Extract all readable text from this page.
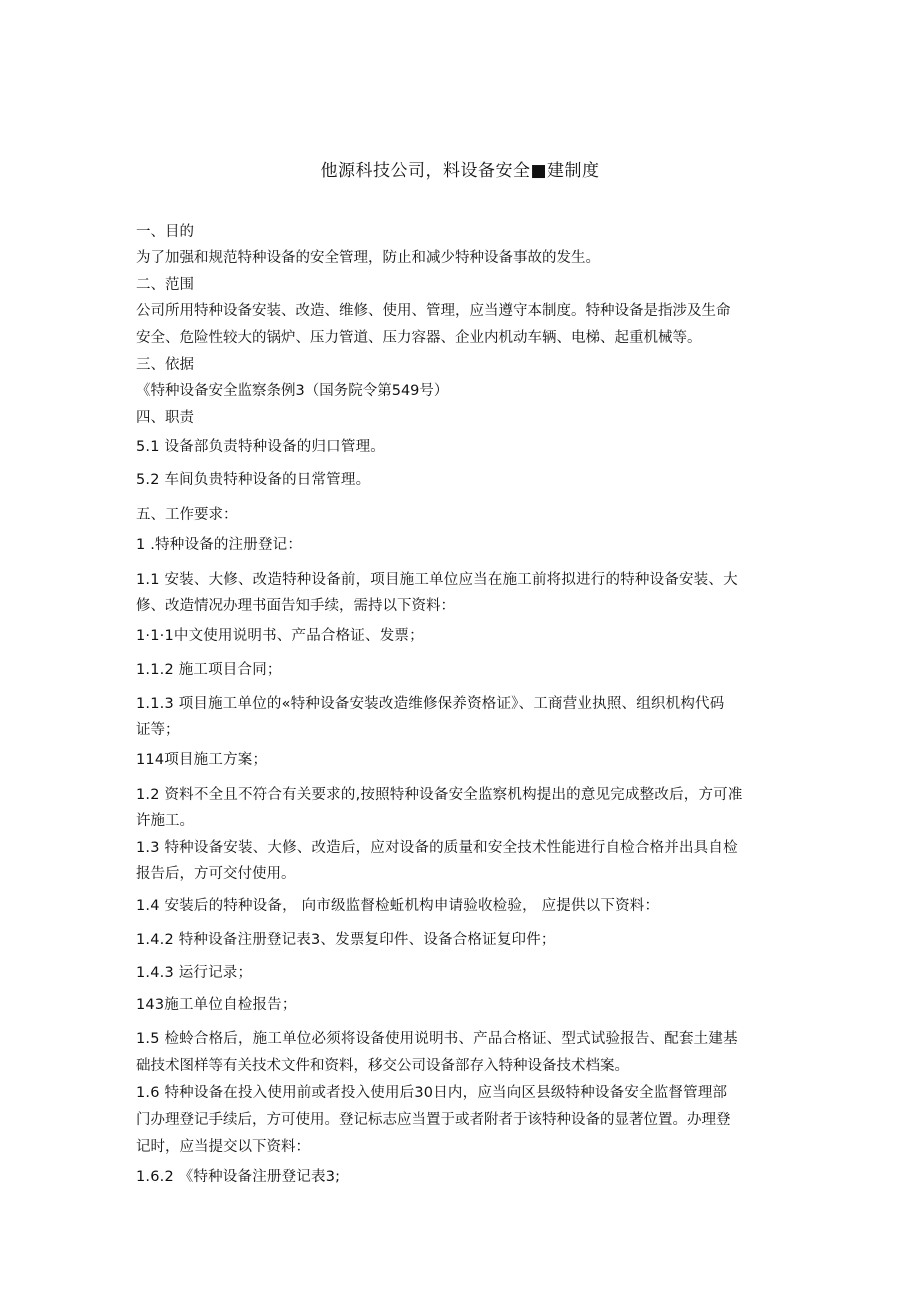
他源科技公司，料设备安全■建制度
一、目的
为了加强和规范特种设备的安全管理，防止和减少特种设备事故的发生。
二、范围
公司所用特种设备安装、改造、维修、使用、管理，应当遵守本制度。特种设备是指涉及生命
安全、危险性较大的锅炉、压力管道、压力容器、企业内机动车辆、电梯、起重机械等。
三、依据
《特种设备安全监察条例3（国务院令第549号）
四、职责
5.1 设备部负责特种设备的归口管理。
5.2 车间负贵特种设备的日常管理。
五、工作要求：
1 .特种设备的注册登记：
1.1 安装、大修、改造特种设备前，项目施工单位应当在施工前将拟进行的特种设备安装、大
修、改造情况办理书面告知手续，需持以下资料：
1·1·1中文使用说明书、产品合格证、发票；
1.1.2 施工项目合同；
1.1.3 项目施工单位的«特种设备安装改造维修保养资格证》、工商营业执照、组织机构代码
证等；
114项目施工方案；
1.2 资料不全且不符合有关要求的,按照特种设备安全监察机构提出的意见完成整改后，方可准
许施工。
1.3 特种设备安装、大修、改造后，应对设备的质量和安全技术性能进行自检合格并出具自检
报告后，方可交付使用。
1.4 安装后的特种设备， 向市级监督检蚯机构申请验收检验， 应提供以下资料：
1.4.2 特种设备注册登记表3、发票复印件、设备合格证复印件；
1.4.3 运行记录；
143施工单位自检报告；
1.5 检蛉合格后，施工单位必须将设备使用说明书、产品合格证、型式试验报告、配套土建基
础技术图样等有关技术文件和资料，移交公司设备部存入特种设备技术档案。
1.6 特种设备在投入使用前或者投入使用后30日内，应当向区县级特种设备安全监督管理部
门办理登记手续后，方可使用。登记标志应当置于或者附者于该特种设备的显著位置。办理登
记时，应当提交以下资料：
1.6.2 《特种设备注册登记表3;
